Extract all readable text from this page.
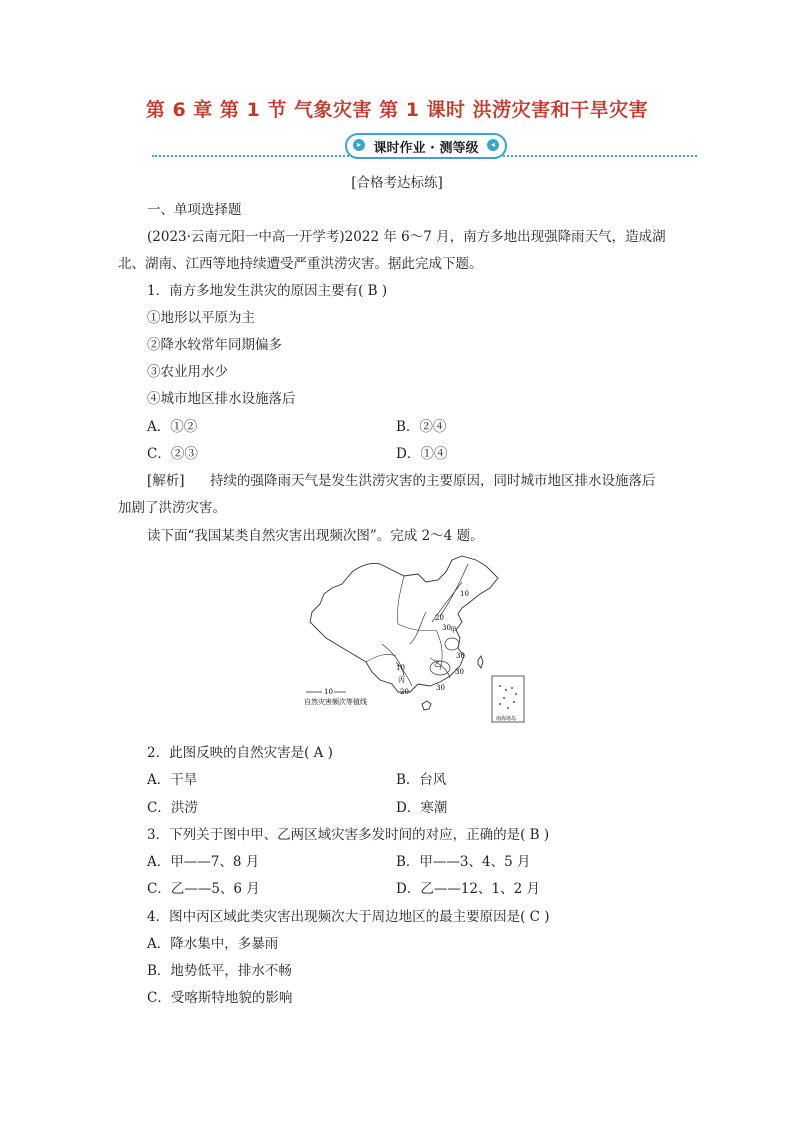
第 6 章 第 1 节 气象灾害 第 1 课时 洪涝灾害和干旱灾害
▸ 课时作业 · 测等级	◂
[合格考达标练]
一、单项选择题
(2023·云南元阳一中高一开学考)2022 年 6～7 月，南方多地出现强降雨天气，造成湖
北、湖南、江西等地持续遭受严重洪涝灾害。据此完成下题。
1．南方多地发生洪灾的原因主要有( B )
①地形以平原为主
②降水较常年同期偏多
③农业用水少
④城市地区排水设施落后
A．①②	B．②④
C．②③	D．①④
[解析] 持续的强降雨天气是发生洪涝灾害的主要原因，同时城市地区排水设施落后
加剧了洪涝灾害。
读下面“我国某类自然灾害出现频次图”。完成 2～4 题。
10
20
30
30
10
20	30
30
甲
乙
丙
10
自然灾害频次等值线
南海诸岛
2．此图反映的自然灾害是( A )
A．干旱	B．台风
C．洪涝	D．寒潮
3．下列关于图中甲、乙两区域灾害多发时间的对应，正确的是( B )
A．甲——7、8 月	B．甲——3、4、5 月
C．乙——5、6 月	D．乙——12、1、2 月
4．图中丙区域此类灾害出现频次大于周边地区的最主要原因是( C )
A．降水集中，多暴雨
B．地势低平，排水不畅
C．受喀斯特地貌的影响
